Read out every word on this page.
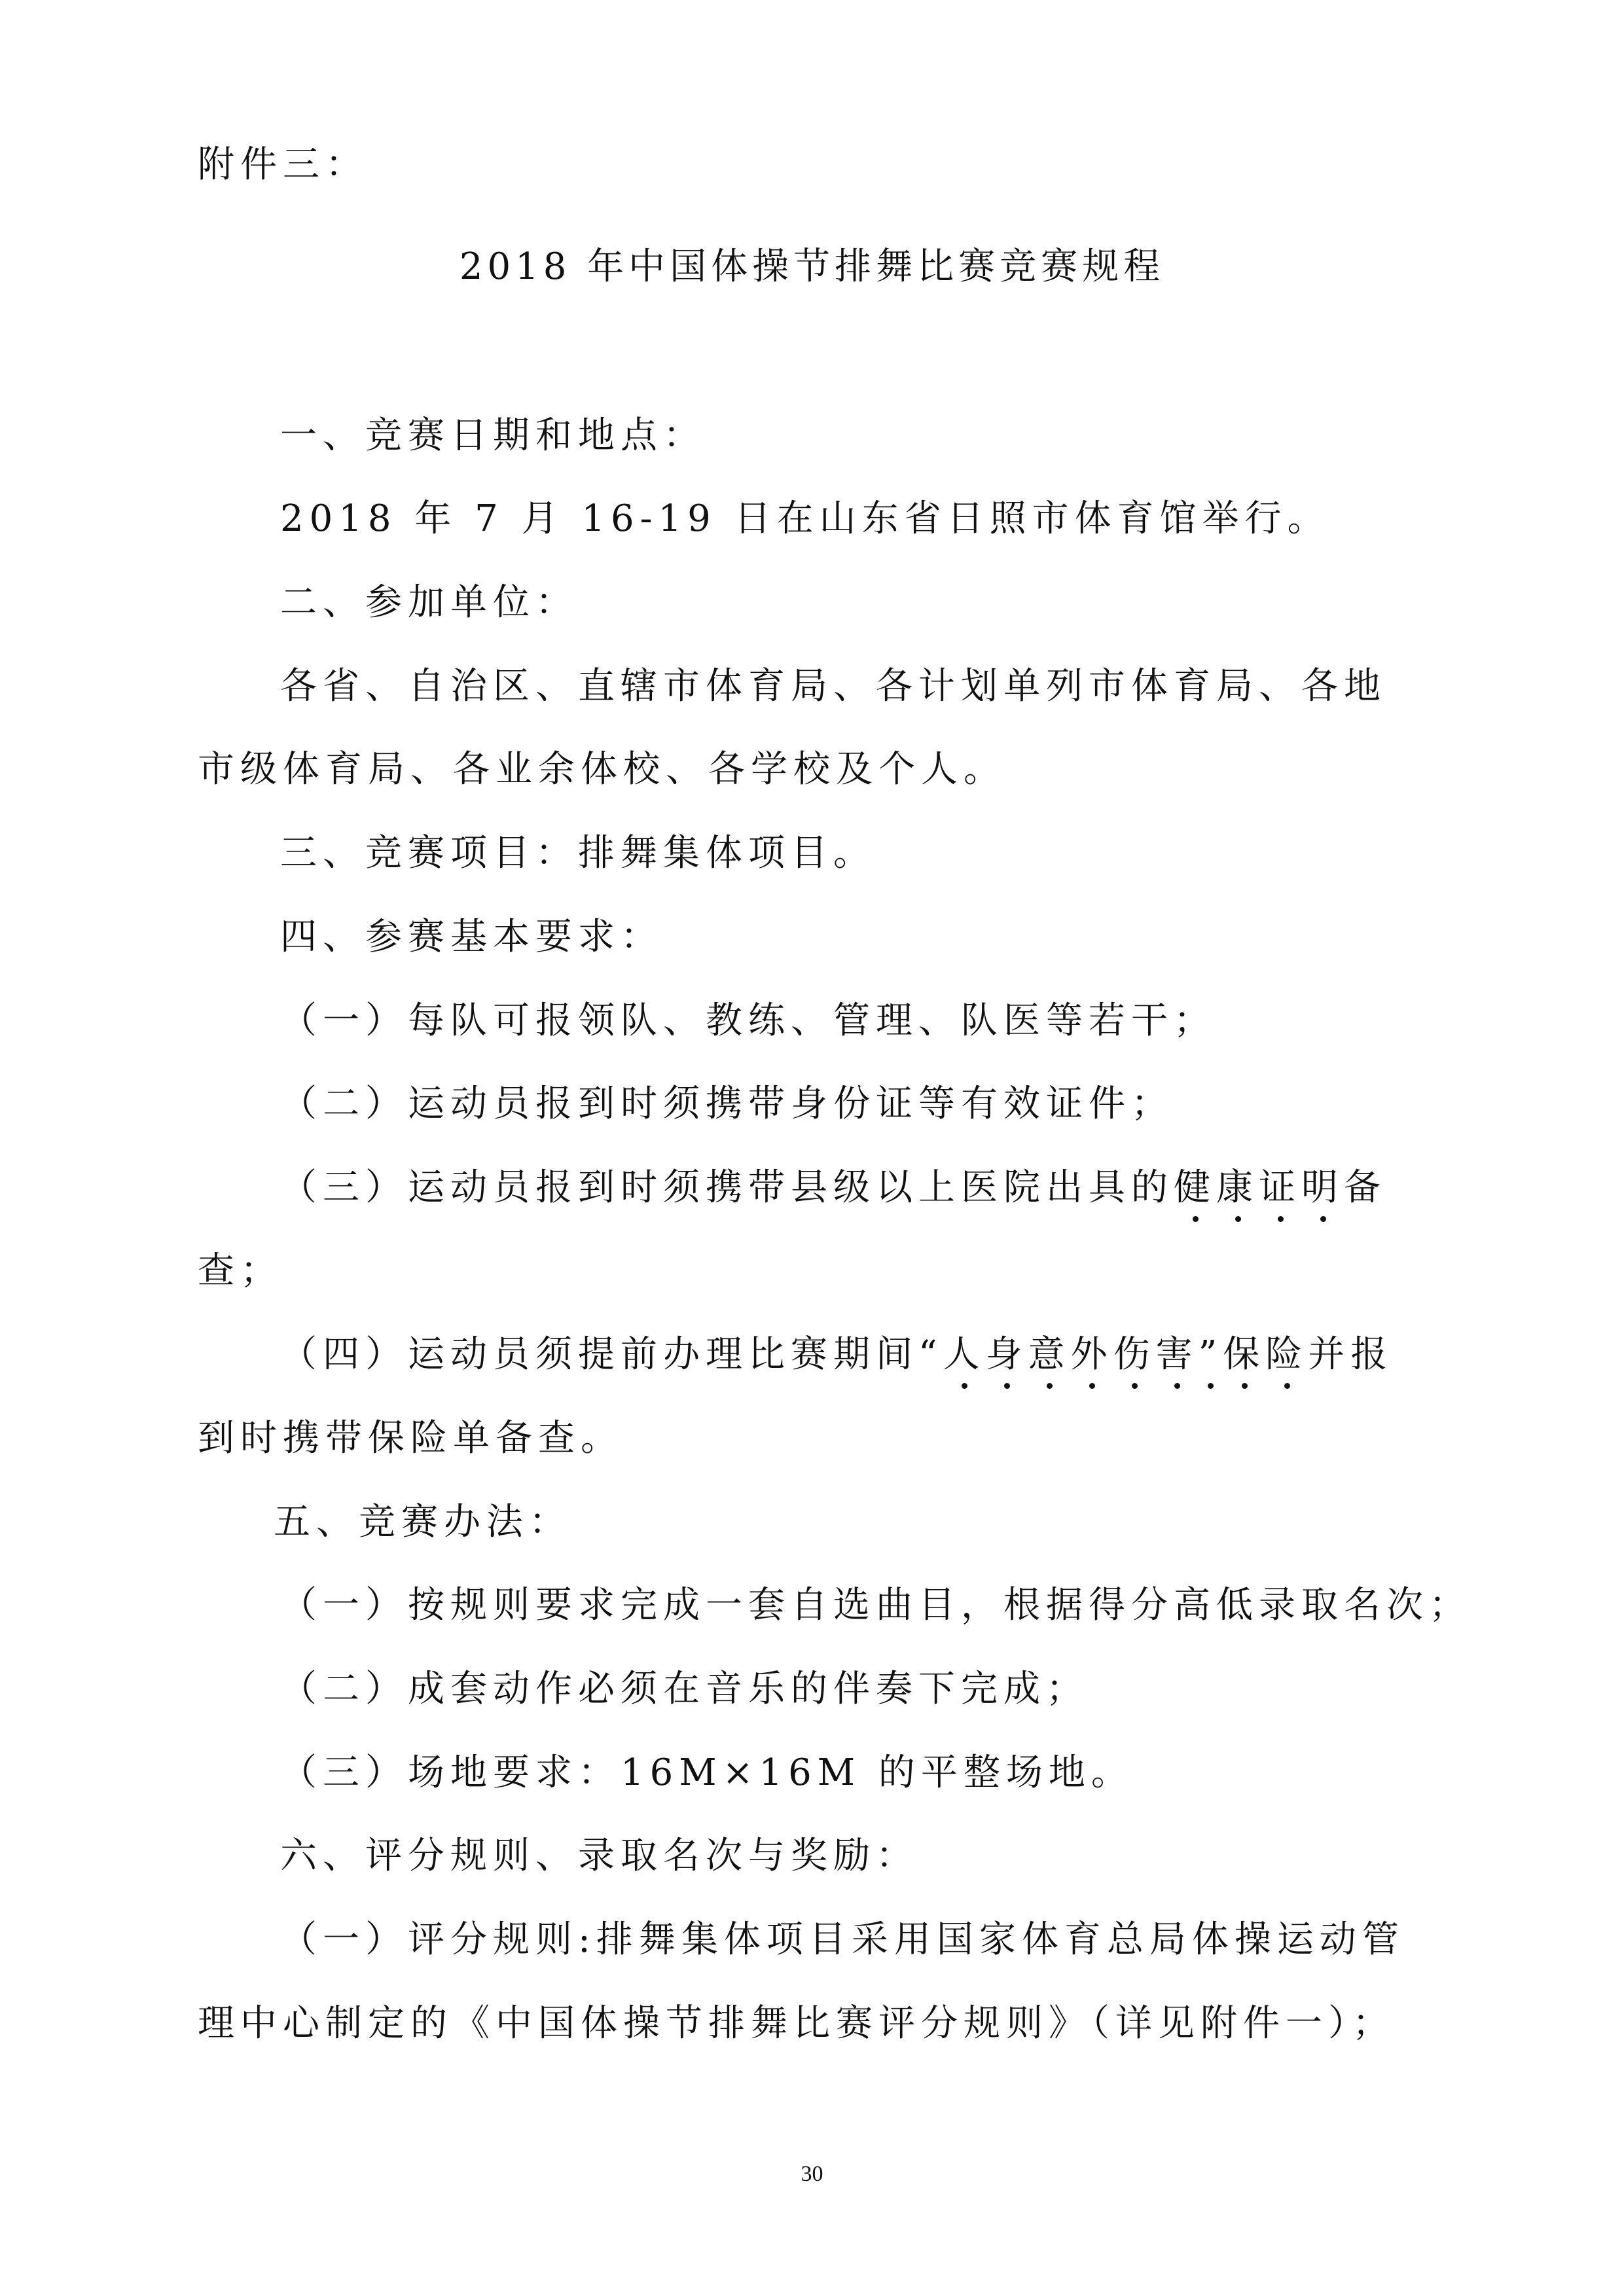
附件三：
2018 年中国体操节排舞比赛竞赛规程
一、竞赛日期和地点：
2018 年 7 月 16-19 日在山东省日照市体育馆举行。
二、参加单位：
各省、自治区、直辖市体育局、各计划单列市体育局、各地
市级体育局、各业余体校、各学校及个人。
三、竞赛项目：排舞集体项目。
四、参赛基本要求：
（一）每队可报领队、教练、管理、队医等若干；
（二）运动员报到时须携带身份证等有效证件；
（三）运动员报到时须携带县级以上医院出具的健康证明备
查；
（四）运动员须提前办理比赛期间“人身意外伤害”保险并报
到时携带保险单备查。
五、竞赛办法：
（一）按规则要求完成一套自选曲目，根据得分高低录取名次；
（二）成套动作必须在音乐的伴奏下完成；
（三）场地要求：16M×16M 的平整场地。
六、评分规则、录取名次与奖励：
（一）评分规则:排舞集体项目采用国家体育总局体操运动管
理中心制定的《中国体操节排舞比赛评分规则》（详见附件一）；
30
